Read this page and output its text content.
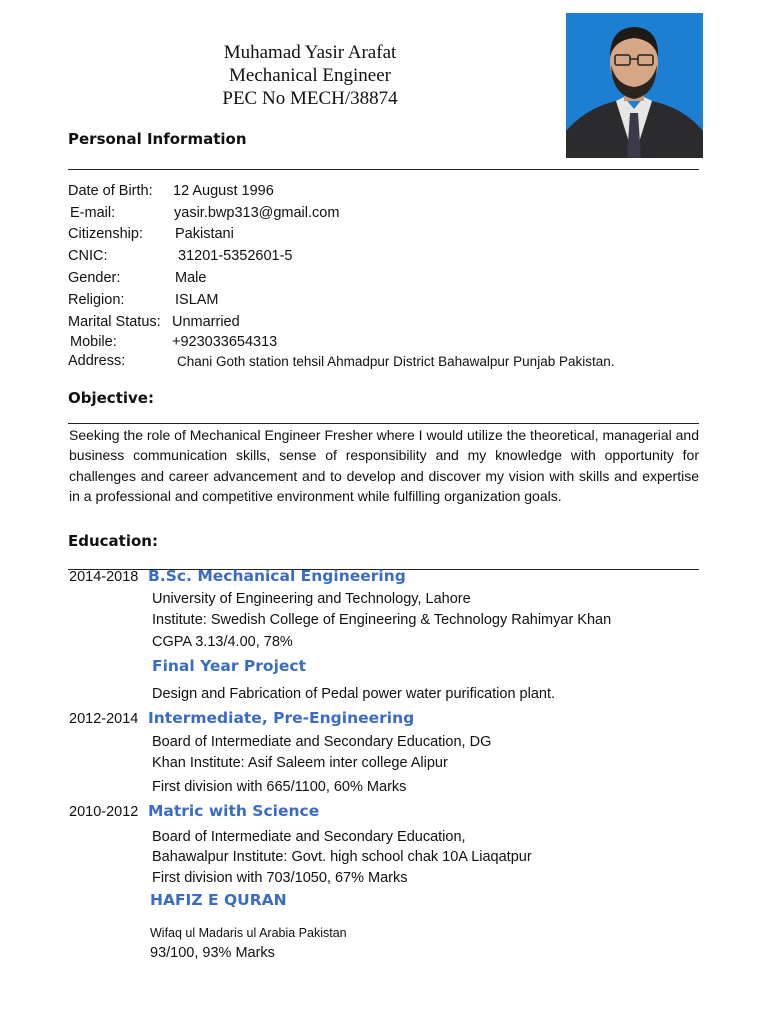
Muhamad Yasir Arafat
Mechanical Engineer
PEC No MECH/38874
Personal Information
Date of Birth: 12 August 1996
E-mail:	yasir.bwp313@gmail.com
Citizenship: Pakistani
CNIC:	31201-5352601-5
Gender:	Male
Religion:	ISLAM
Marital Status: Unmarried
Mobile:	+923033654313
Address:	Chani Goth station tehsil Ahmadpur District Bahawalpur Punjab Pakistan.
Objective:
Seeking the role of Mechanical Engineer Fresher where I would utilize the theoretical, managerial and business communication skills, sense of responsibility and my knowledge with opportunity for challenges and career advancement and to develop and discover my vision with skills and expertise in a professional and competitive environment while fulfilling organization goals.
Education:
2014-2018 B.Sc. Mechanical Engineering
University of Engineering and Technology, Lahore
Institute: Swedish College of Engineering & Technology Rahimyar Khan
CGPA 3.13/4.00, 78%
Final Year Project
Design and Fabrication of Pedal power water purification plant.
2012-2014 Intermediate, Pre-Engineering
Board of Intermediate and Secondary Education, DG
Khan Institute: Asif Saleem inter college Alipur
First division with 665/1100, 60% Marks
2010-2012 Matric with Science
Board of Intermediate and Secondary Education,
Bahawalpur Institute: Govt. high school chak 10A Liaqatpur
First division with 703/1050, 67% Marks
HAFIZ E QURAN
Wifaq ul Madaris ul Arabia Pakistan
93/100, 93% Marks
